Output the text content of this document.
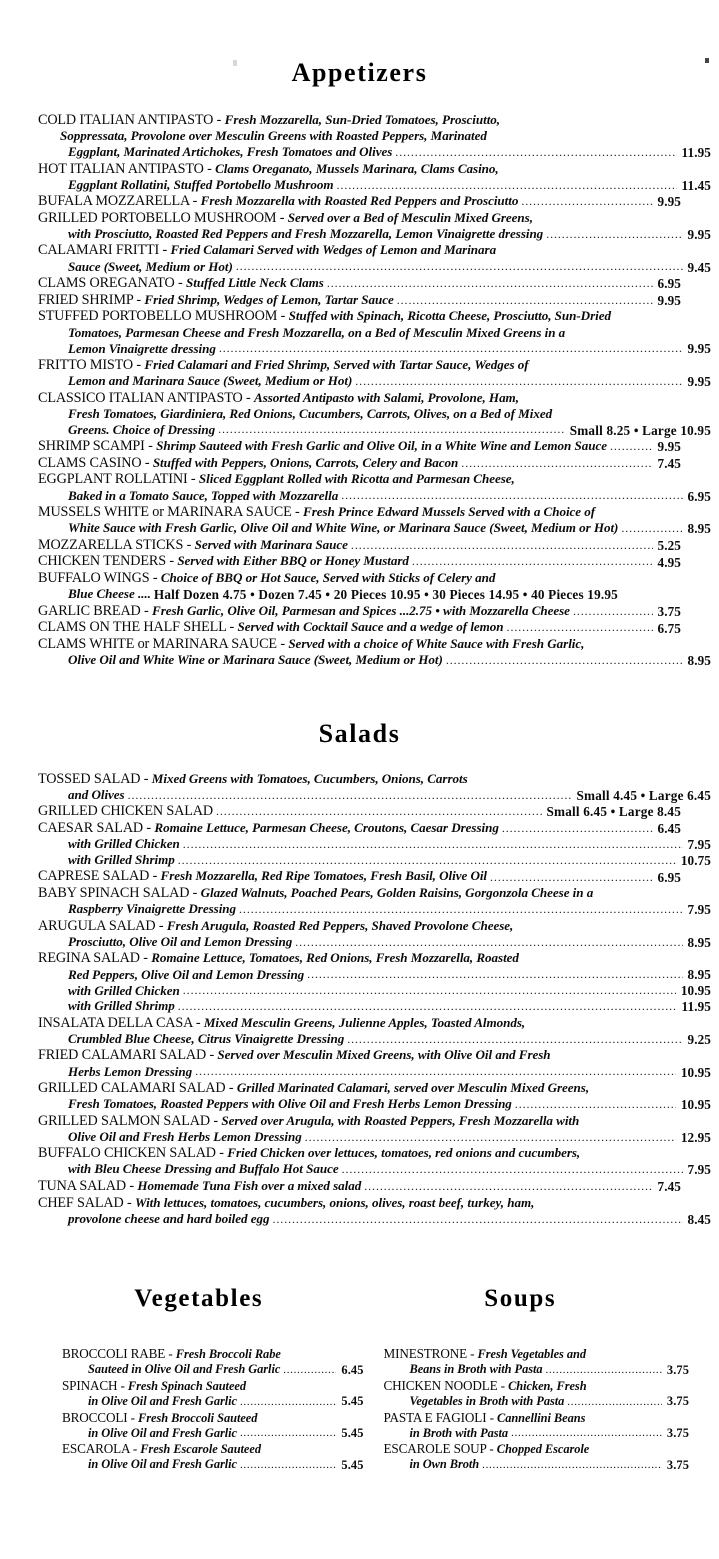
Appetizers
COLD ITALIAN ANTIPASTO - Fresh Mozzarella, Sun-Dried Tomatoes, Prosciutto,
Soppressata, Provolone over Mesculin Greens with Roasted Peppers, Marinated
Eggplant, Marinated Artichokes, Fresh Tomatoes and Olives .....	11.95
HOT ITALIAN ANTIPASTO - Clams Oreganato, Mussels Marinara, Clams Casino,
Eggplant Rollatini, Stuffed Portobello Mushroom .....	11.45
BUFALA MOZZARELLA - Fresh Mozzarella with Roasted Red Peppers and Prosciutto .....	9.95
GRILLED PORTOBELLO MUSHROOM - Served over a Bed of Mesculin Mixed Greens,
with Prosciutto, Roasted Red Peppers and Fresh Mozzarella, Lemon Vinaigrette dressing .....	9.95
CALAMARI FRITTI - Fried Calamari Served with Wedges of Lemon and Marinara
Sauce (Sweet, Medium or Hot) .....	9.45
CLAMS OREGANATO - Stuffed Little Neck Clams .....	6.95
FRIED SHRIMP - Fried Shrimp, Wedges of Lemon, Tartar Sauce .....	9.95
STUFFED PORTOBELLO MUSHROOM - Stuffed with Spinach, Ricotta Cheese, Prosciutto, Sun-Dried
Tomatoes, Parmesan Cheese and Fresh Mozzarella, on a Bed of Mesculin Mixed Greens in a
Lemon Vinaigrette dressing .....	9.95
FRITTO MISTO - Fried Calamari and Fried Shrimp, Served with Tartar Sauce, Wedges of
Lemon and Marinara Sauce (Sweet, Medium or Hot) .....	9.95
CLASSICO ITALIAN ANTIPASTO - Assorted Antipasto with Salami, Provolone, Ham,
Fresh Tomatoes, Giardiniera, Red Onions, Cucumbers, Carrots, Olives, on a Bed of Mixed
Greens. Choice of Dressing .....	Small 8.25 • Large 10.95
SHRIMP SCAMPI - Shrimp Sauteed with Fresh Garlic and Olive Oil, in a White Wine and Lemon Sauce .....	9.95
CLAMS CASINO - Stuffed with Peppers, Onions, Carrots, Celery and Bacon .....	7.45
EGGPLANT ROLLATINI - Sliced Eggplant Rolled with Ricotta and Parmesan Cheese,
Baked in a Tomato Sauce, Topped with Mozzarella .....	6.95
MUSSELS WHITE or MARINARA SAUCE - Fresh Prince Edward Mussels Served with a Choice of
White Sauce with Fresh Garlic, Olive Oil and White Wine, or Marinara Sauce (Sweet, Medium or Hot) .....	8.95
MOZZARELLA STICKS - Served with Marinara Sauce .....	5.25
CHICKEN TENDERS - Served with Either BBQ or Honey Mustard .....	4.95
BUFFALO WINGS - Choice of BBQ or Hot Sauce, Served with Sticks of Celery and
Blue Cheese .... Half Dozen 4.75 • Dozen 7.45 • 20 Pieces 10.95 • 30 Pieces 14.95 • 40 Pieces 19.95
GARLIC BREAD - Fresh Garlic, Olive Oil, Parmesan and Spices ...2.75 • with Mozzarella Cheese .....	3.75
CLAMS ON THE HALF SHELL - Served with Cocktail Sauce and a wedge of lemon .....	6.75
CLAMS WHITE or MARINARA SAUCE - Served with a choice of White Sauce with Fresh Garlic,
Olive Oil and White Wine or Marinara Sauce (Sweet, Medium or Hot) .....	8.95
Salads
TOSSED SALAD - Mixed Greens with Tomatoes, Cucumbers, Onions, Carrots
and Olives .....	Small 4.45 • Large 6.45
GRILLED CHICKEN SALAD .....	Small 6.45 • Large 8.45
CAESAR SALAD - Romaine Lettuce, Parmesan Cheese, Croutons, Caesar Dressing .....	6.45
with Grilled Chicken .....	7.95
with Grilled Shrimp .....	10.75
CAPRESE SALAD - Fresh Mozzarella, Red Ripe Tomatoes, Fresh Basil, Olive Oil .....	6.95
BABY SPINACH SALAD - Glazed Walnuts, Poached Pears, Golden Raisins, Gorgonzola Cheese in a
Raspberry Vinaigrette Dressing .....	7.95
ARUGULA SALAD - Fresh Arugula, Roasted Red Peppers, Shaved Provolone Cheese,
Prosciutto, Olive Oil and Lemon Dressing .....	8.95
REGINA SALAD - Romaine Lettuce, Tomatoes, Red Onions, Fresh Mozzarella, Roasted
Red Peppers, Olive Oil and Lemon Dressing .....	8.95
with Grilled Chicken .....	10.95
with Grilled Shrimp .....	11.95
INSALATA DELLA CASA - Mixed Mesculin Greens, Julienne Apples, Toasted Almonds,
Crumbled Blue Cheese, Citrus Vinaigrette Dressing .....	9.25
FRIED CALAMARI SALAD - Served over Mesculin Mixed Greens, with Olive Oil and Fresh
Herbs Lemon Dressing .....	10.95
GRILLED CALAMARI SALAD - Grilled Marinated Calamari, served over Mesculin Mixed Greens,
Fresh Tomatoes, Roasted Peppers with Olive Oil and Fresh Herbs Lemon Dressing .....	10.95
GRILLED SALMON SALAD - Served over Arugula, with Roasted Peppers, Fresh Mozzarella with
Olive Oil and Fresh Herbs Lemon Dressing .....	12.95
BUFFALO CHICKEN SALAD - Fried Chicken over lettuces, tomatoes, red onions and cucumbers,
with Bleu Cheese Dressing and Buffalo Hot Sauce .....	7.95
TUNA SALAD - Homemade Tuna Fish over a mixed salad .....	7.45
CHEF SALAD - With lettuces, tomatoes, cucumbers, onions, olives, roast beef, turkey, ham,
provolone cheese and hard boiled egg .....	8.45
Vegetables	Soups
BROCCOLI RABE - Fresh Broccoli Rabe
Sauteed in Olive Oil and Fresh Garlic .....	6.45
SPINACH - Fresh Spinach Sauteed
in Olive Oil and Fresh Garlic .....	5.45
BROCCOLI - Fresh Broccoli Sauteed
in Olive Oil and Fresh Garlic .....	5.45
ESCAROLA - Fresh Escarole Sauteed
in Olive Oil and Fresh Garlic .....	5.45
MINESTRONE - Fresh Vegetables and
Beans in Broth with Pasta .....	3.75
CHICKEN NOODLE - Chicken, Fresh
Vegetables in Broth with Pasta .....	3.75
PASTA E FAGIOLI - Cannellini Beans
in Broth with Pasta .....	3.75
ESCAROLE SOUP - Chopped Escarole
in Own Broth .....	3.75
